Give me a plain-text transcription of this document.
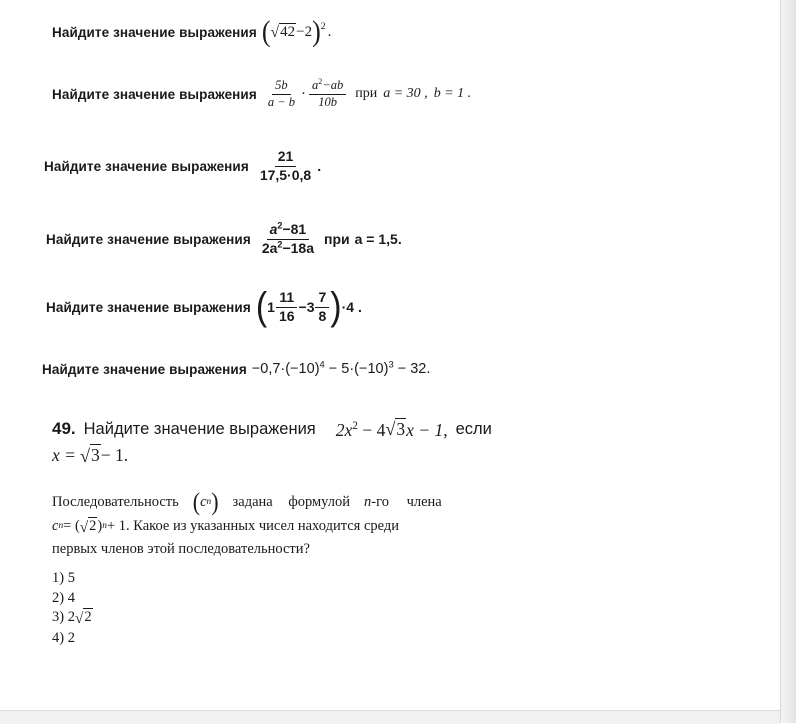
Найдите значение выражения ( √ 42 −2 ) 2 .
Найдите значение выражения $\frac{5b}{a - b} \cdot \frac{a^2-ab}{10b}$ при a = 30 , b = 1 .
Найдите значение выражения $\frac{21}{17,5\cdot 0,8}$ .
Найдите значение выражения $\frac{a^2-81}{2a^2-18a}$ при a = 1,5.
Найдите значение выражения ( $1 \frac{11}{16} -3 \frac{7}{8}$ ) ·4 .
Найдите значение выражения $-0,7\cdot(-10)^4 - 5\cdot(-10)^3 - 32$.
49. Найдите значение выражения $2x^2 - 4$ √ 3 x − 1, если
x = √ 3 − 1.
Последовательность ( c n ) задана формулой n -го члена
c n = ( √ 2 ) n + 1. Какое из указанных чисел находится среди
первых членов этой последовательности?
1) 5
2) 4
3) 2 √ 2
4) 2
